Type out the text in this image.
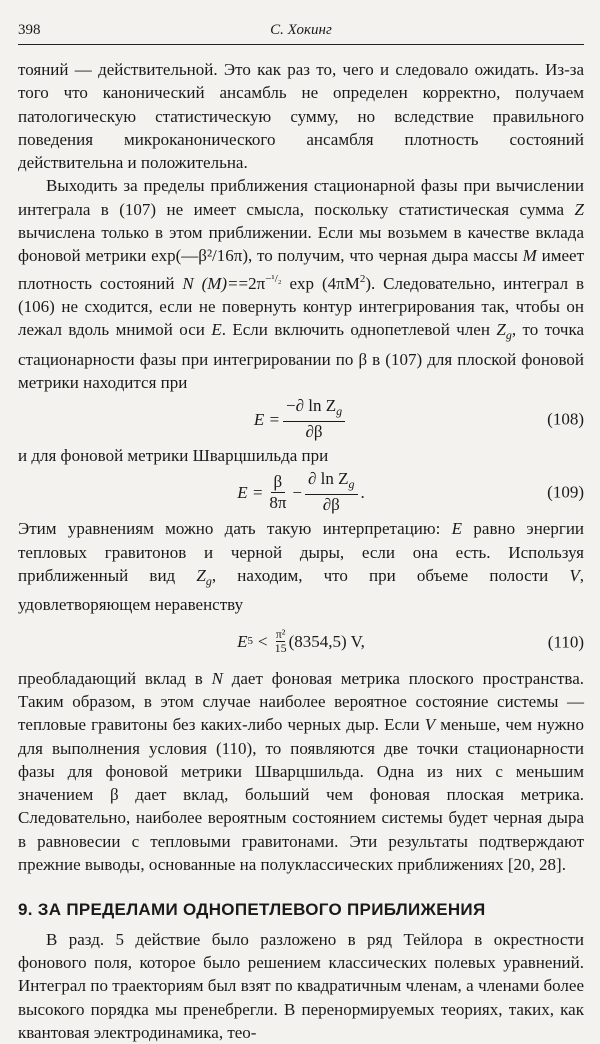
398	С. Хокинг

тояний — действительной. Это как раз то, чего и следовало ожидать. Из-за того что канонический ансамбль не определен корректно, получаем патологическую статистическую сумму, но вследствие правильного поведения микроканонического ансамбля плотность состояний действительна и положительна.

Выходить за пределы приближения стационарной фазы при вычислении интеграла в (107) не имеет смысла, поскольку статистическая сумма Z вычислена только в этом приближении. Если мы возьмем в качестве вклада фоновой метрики exp(—β²/16π), то получим, что черная дыра массы M имеет плотность состояний N $(M)==2\pi^{-^1/_2}$ $\exp (4\pi M^2)$. Следовательно, интеграл в (106) не сходится, если не повернуть контур интегрирования так, чтобы он лежал вдоль мнимой оси E. Если включить однопетлевой член $Z_g$, то точка стационарности фазы при интегрировании по β в (107) для плоской фоновой метрики находится при

$E = \frac{-\partial \ln Z_g}{\partial\beta}$	(108)

и для фоновой метрики Шварцшильда при

$E = \frac{\beta}{8\pi} - \frac{\partial \ln Z_g}{\partial\beta}$ .	(109)

Этим уравнениям можно дать такую интерпретацию: E равно энергии тепловых гравитонов и черной дыры, если она есть. Используя приближенный вид $Z_g$, находим, что при объеме полости V, удовлетворяющем неравенству

E 5 < π²
15 (8354,5) V,	(110)

преобладающий вклад в N дает фоновая метрика плоского пространства. Таким образом, в этом случае наиболее вероятное состояние системы — тепловые гравитоны без каких-либо черных дыр. Если V меньше, чем нужно для выполнения условия (110), то появляются две точки стационарности фазы для фоновой метрики Шварцшильда. Одна из них с меньшим значением β дает вклад, больший чем фоновая плоская метрика. Следовательно, наиболее вероятным состоянием системы будет черная дыра в равновесии с тепловыми гравитонами. Эти результаты подтверждают прежние выводы, основанные на полуклассических приближениях [20, 28].

9. ЗА ПРЕДЕЛАМИ ОДНОПЕТЛЕВОГО ПРИБЛИЖЕНИЯ

В разд. 5 действие было разложено в ряд Тейлора в окрестности фонового поля, которое было решением классических полевых уравнений. Интеграл по траекториям был взят по квадратичным членам, а членами более высокого порядка мы пренебрегли. В перенормируемых теориях, таких, как квантовая электродинамика, тео-
